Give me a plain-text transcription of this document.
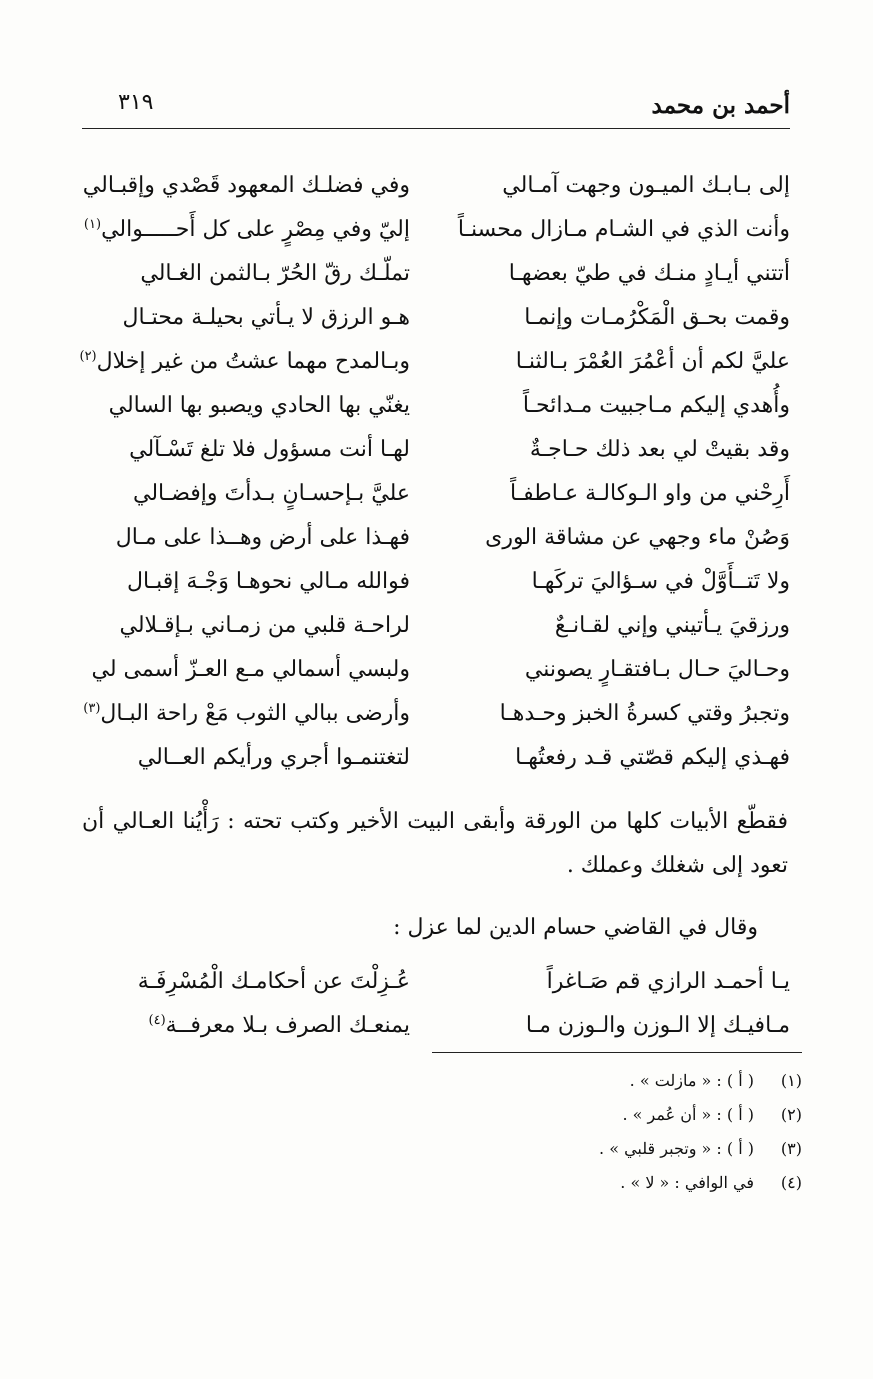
أحمد بن محمد
٣١٩
إلى بـابـك الميـون وجهت آمـالي
وفي فضلـك المعهود قَصْدي وإقبـالي
وأنت الذي في الشـام مـازال محسنـاً
إليّ وفي مِصْرٍ على كل أَحـــــوالي$^{(١)}$
أتتني أيـادٍ منـك في طيّ بعضهـا
تملّـك رقّ الحُرّ بـالثمن الغـالي
وقمت بحـق الْمَكْرُمـات وإنمـا
هـو الرزق لا يـأتي بحيلـة محتـال
عليَّ لكم أن أعْمُرَ العُمْرَ بـالثنـا
وبـالمدح مهما عشتُ من غير إخلال$^{(٢)}$
وأُهدي إليكم مـاجبيت مـدائحـاً
يغنّي بها الحادي ويصبو بها السالي
وقد بقيتْ لي بعد ذلك حـاجـةٌ
لهـا أنت مسؤول فلا تلغ تَسْـآلي
أَرِحْني من واو الـوكالـة عـاطفـاً
عليَّ بـإحسـانٍ بـدأتَ وإفضـالي
وَصُنْ ماء وجهي عن مشاقة الورى
فهـذا على أرض وهــذا على مـال
ولا تَتــأَوَّلْ في سـؤاليَ تركَهـا
فوالله مـالي نحوهـا وَجْـهَ إقبـال
ورزقيَ يـأتيني وإني لقـانـعٌ
لراحـة قلبي من زمـاني بـإقـلالي
وحـاليَ حـال بـافتقـارٍ يصونني
ولبسي أسمالي مـع العـزّ أسمى لي
وتجبرُ وقتي كسرةُ الخبز وحـدهـا
وأرضى ببالي الثوب مَعْ راحة البـال$^{(٣)}$
فهـذي إليكم قصّتي قـد رفعتُهـا
لتغتنمـوا أجري ورأيكم العــالي
فقطّع الأبيات كلها من الورقة وأبقى البيت الأخير وكتب تحته : رَأْيُنا العـالي أن تعود إلى شغلك وعملك .
وقال في القاضي حسام الدين لما عزل :
يـا أحمـد الرازي قم صَـاغراً
عُـزِلْتَ عن أحكامـك الْمُسْرِفَـة
مـافيـك إلا الـوزن والـوزن مـا
يمنعـك الصرف بـلا معرفــة$^{(٤)}$
(١)
( أ ) : « مازلت » .
(٢)
( أ ) : « أن عُمر » .
(٣)
( أ ) : « وتجبر قلبي » .
(٤)
في الوافي : « لا » .
